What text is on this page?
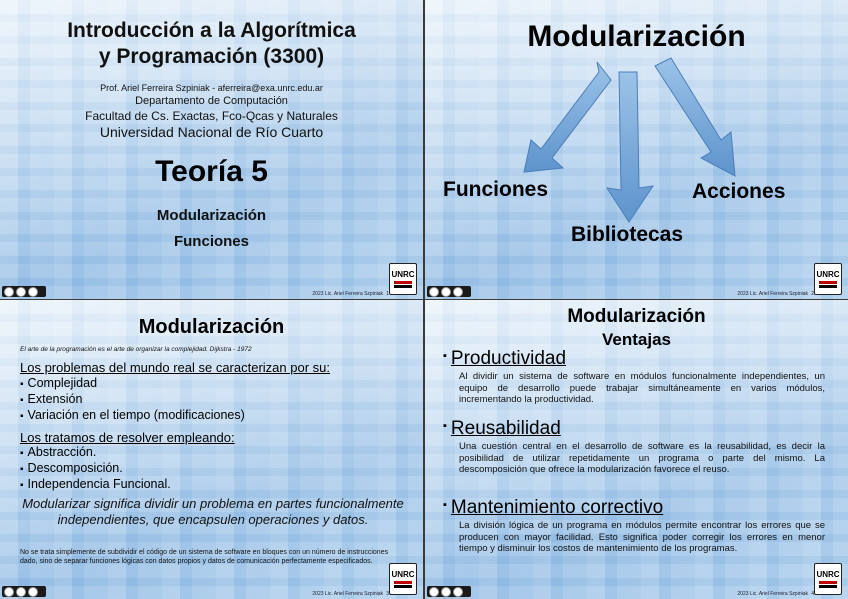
Introducción a la Algorítmica
y Programación (3300)
Prof. Ariel Ferreira Szpiniak - aferreira@exa.unrc.edu.ar
Departamento de Computación
Facultad de Cs. Exactas, Fco-Qcas y Naturales
Universidad Nacional de Río Cuarto
Teoría 5
Modularización
Funciones
UNRC
2023 Lic. Ariel Ferreira Szpiniak 1
Modularización
Funciones	Acciones
Bibliotecas
UNRC
2023 Lic. Ariel Ferreira Szpiniak 2
Modularización
El arte de la programación es el arte de organizar la complejidad. Dijkstra - 1972
Los problemas del mundo real se caracterizan por su:
▪ Complejidad
▪ Extensión
▪ Variación en el tiempo (modificaciones)
Los tratamos de resolver empleando:
▪ Abstracción.
▪ Descomposición.
▪ Independencia Funcional.
Modularizar significa dividir un problema en partes funcionalmente independientes, que encapsulen operaciones y datos.
No se trata simplemente de subdividir el código de un sistema de software en bloques con un número de instrucciones dado, sino de separar funciones lógicas con datos propios y datos de comunicación perfectamente especificados.
UNRC
2023 Lic. Ariel Ferreira Szpiniak 3
Modularización
Ventajas
▪ Productividad
Al dividir un sistema de software en módulos funcionalmente independientes, un equipo de desarrollo puede trabajar simultáneamente en varios módulos, incrementando la productividad.
▪ Reusabilidad
Una cuestión central en el desarrollo de software es la reusabilidad, es decir la posibilidad de utilizar repetidamente un programa o parte del mismo. La descomposición que ofrece la modularización favorece el reuso.
▪ Mantenimiento correctivo
La división lógica de un programa en módulos permite encontrar los errores que se producen con mayor facilidad. Esto significa poder corregir los errores en menor tiempo y disminuir los costos de mantenimiento de los programas.
UNRC
2023 Lic. Ariel Ferreira Szpiniak 4
